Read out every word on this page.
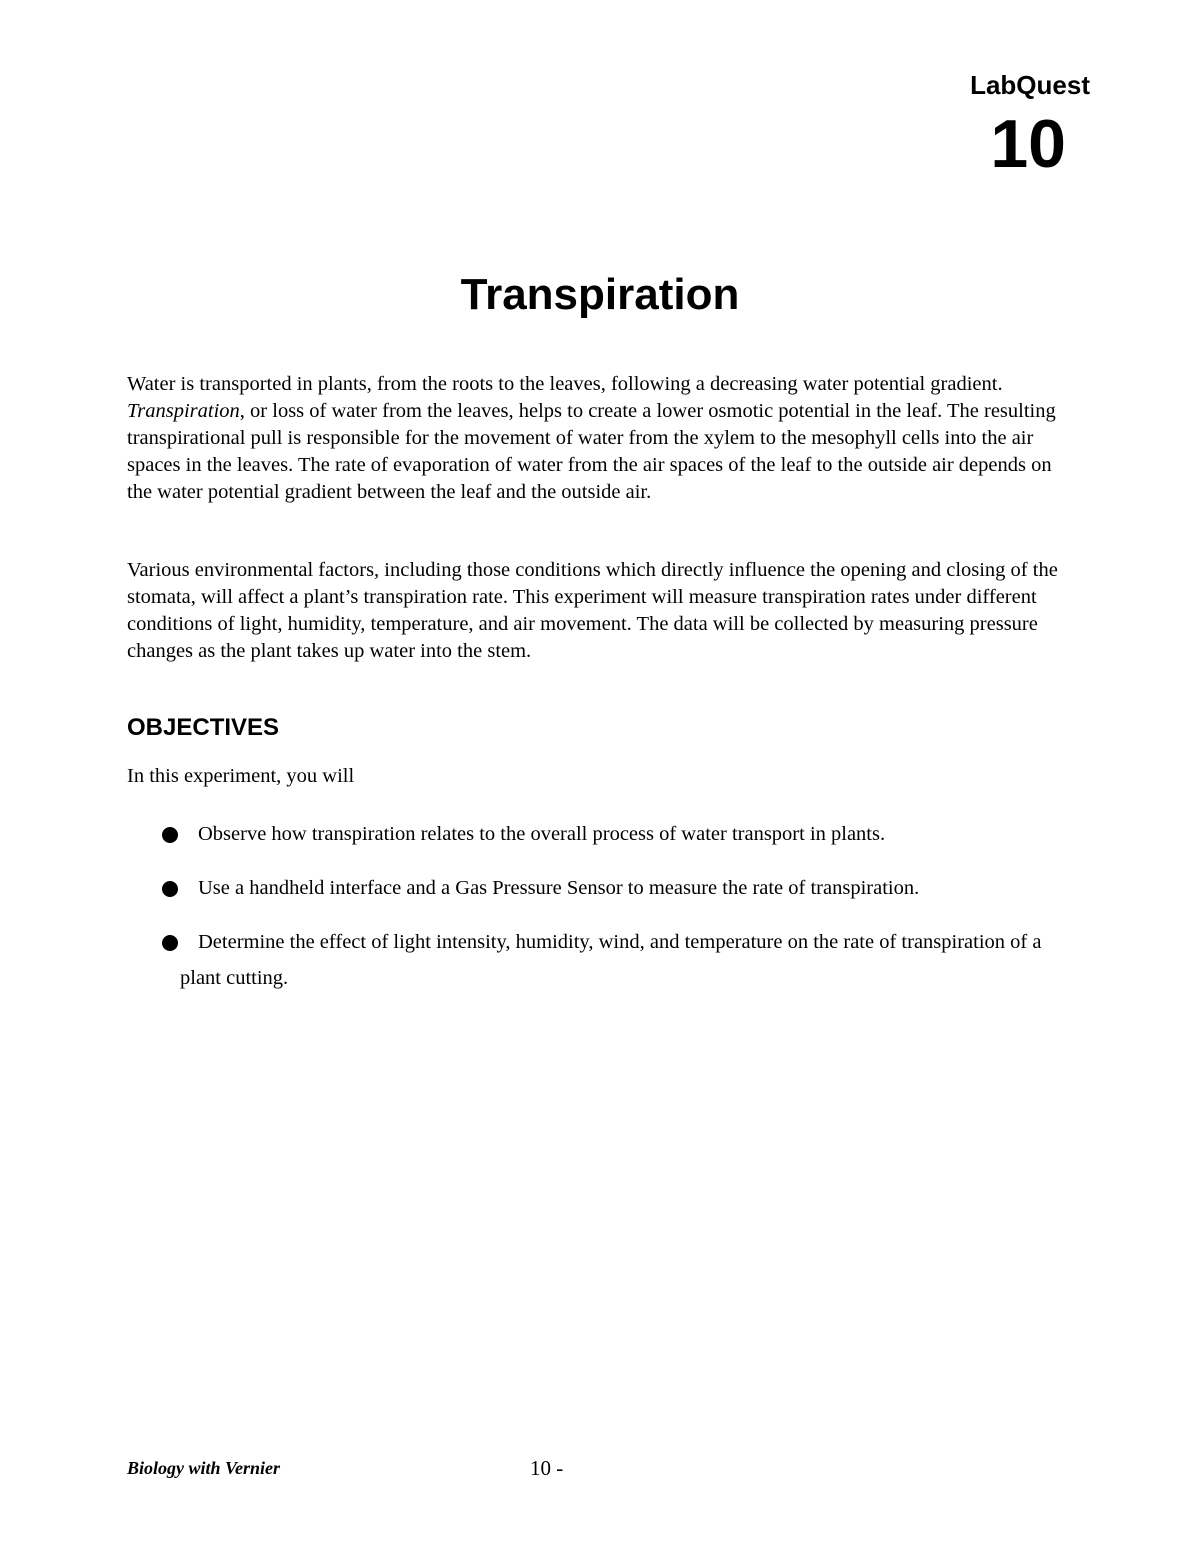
LabQuest
10
Transpiration

Water is transported in plants, from the roots to the leaves, following a decreasing water potential gradient. Transpiration, or loss of water from the leaves, helps to create a lower osmotic potential in the leaf. The resulting transpirational pull is responsible for the movement of water from the xylem to the mesophyll cells into the air spaces in the leaves. The rate of evaporation of water from the air spaces of the leaf to the outside air depends on the water potential gradient between the leaf and the outside air.

Various environmental factors, including those conditions which directly influence the opening and closing of the stomata, will affect a plant’s transpiration rate. This experiment will measure transpiration rates under different conditions of light, humidity, temperature, and air movement. The data will be collected by measuring pressure changes as the plant takes up water into the stem.

OBJECTIVES
In this experiment, you will
Observe how transpiration relates to the overall process of water transport in plants.
Use a handheld interface and a Gas Pressure Sensor to measure the rate of transpiration.
Determine the effect of light intensity, humidity, wind, and temperature on the rate of transpiration of a plant cutting.
Biology with Vernier	10 -
